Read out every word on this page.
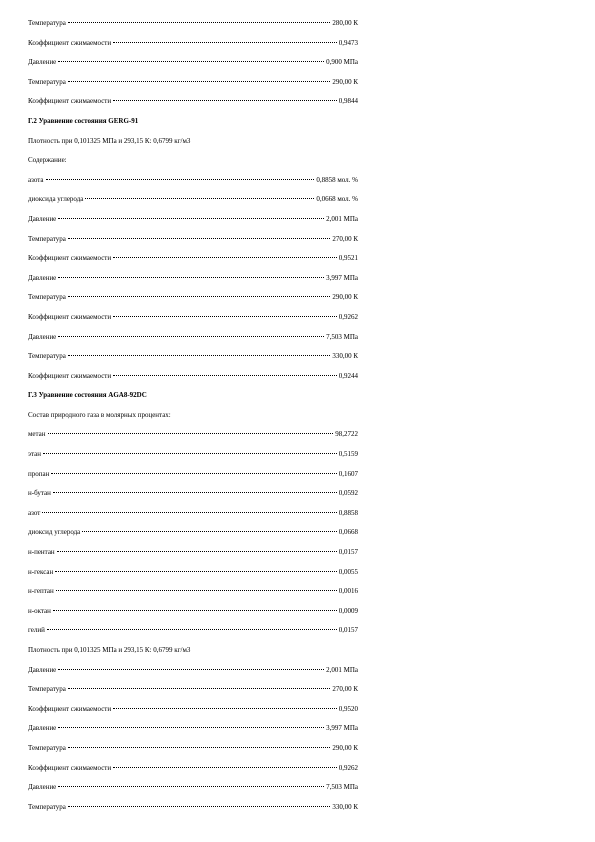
Температура	280,00 К
Коэффициент сжимаемости	0,9473
Давление	0,900 МПа
Температура	290,00 К
Коэффициент сжимаемости	0,9844
Г.2 Уравнение состояния GERG-91
Плотность при 0,101325 МПа и 293,15 К: 0,6799 кг/м3
Содержание:
азота	0,8858 мол. %
диоксида углерода	0,0668 мол. %
Давление	2,001 МПа
Температура	270,00 К
Коэффициент сжимаемости	0,9521
Давление	3,997 МПа
Температура	290,00 К
Коэффициент сжимаемости	0,9262
Давление	7,503 МПа
Температура	330,00 К
Коэффициент сжимаемости	0,9244
Г.3 Уравнение состояния AGA8-92DC
Состав природного газа в молярных процентах:
метан	98,2722
этан	0,5159
пропан	0,1607
н-бутан	0,0592
азот	0,8858
диоксид углерода	0,0668
н-пентан	0,0157
н-гексан	0,0055
н-гептан	0,0016
н-октан	0,0009
гелий	0,0157
Плотность при 0,101325 МПа и 293,15 К: 0,6799 кг/м3
Давление	2,001 МПа
Температура	270,00 К
Коэффициент сжимаемости	0,9520
Давление	3,997 МПа
Температура	290,00 К
Коэффициент сжимаемости	0,9262
Давление	7,503 МПа
Температура	330,00 К
